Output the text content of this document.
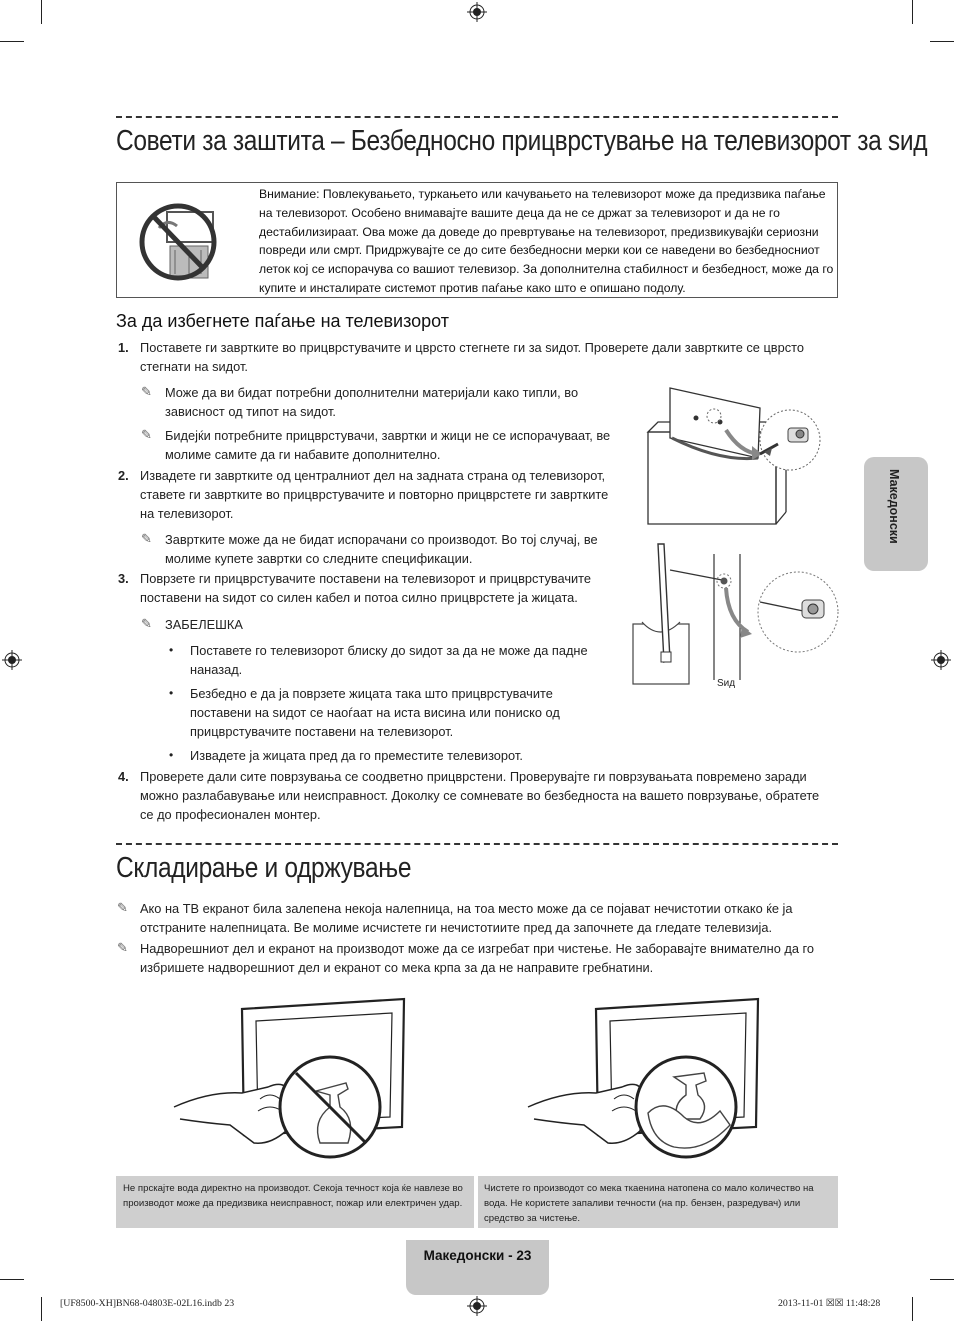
Совети за заштита – Безбедносно прицврстување на телевизорот за ѕид
Внимание: Повлекувањето, туркањето или качувањето на телевизорот може да предизвика паѓање на телевизорот. Особено внимавајте вашите деца да не се држат за телевизорот и да не го дестабилизираат. Ова може да доведе до превртување на телевизорот, предизвикувајќи сериозни повреди или смрт. Придржувајте се до сите безбедносни мерки кои се наведени во безбедносниот леток кој се испорачува со вашиот телевизор. За дополнителна стабилност и безбедност, може да го купите и инсталирате системот против паѓање како што е опишано подолу.
За да избегнете паѓање на телевизорот
1. Поставете ги завртките во прицврстувачите и цврсто стегнете ги за ѕидот. Проверете дали завртките се цврсто стегнати на ѕидот.
✎ Може да ви бидат потребни дополнителни материјали како типли, во зависност од типот на ѕидот.
✎ Бидејќи потребните прицврстувачи, завртки и жици не се испорачуваат, ве молиме самите да ги набавите дополнително.
2. Извадете ги завртките од централниот дел на задната страна од телевизорот, ставете ги завртките во прицврстувачите и повторно прицврстете ги завртките на телевизорот.
✎ Завртките може да не бидат испорачани со производот. Во тој случај, ве молиме купете завртки со следните спецификации.
3. Поврзете ги прицврстувачите поставени на телевизорот и прицврстувачите поставени на ѕидот со силен кабел и потоа силно прицврстете ја жицата.
✎ ЗАБЕЛЕШКА
• Поставете го телевизорот блиску до ѕидот за да не може да падне наназад.
• Безбедно е да ја поврзете жицата така што прицврстувачите поставени на ѕидот се наоѓаат на иста висина или пониско од прицврстувачите поставени на телевизорот.
• Извадете ја жицата пред да го преместите телевизорот.
4. Проверете дали сите поврзувања се соодветно прицврстени. Проверувајте ги поврзувањата повремено заради можно разлабавување или неисправност. Доколку се сомневате во безбедноста на вашето поврзување, обратете се до професионален монтер.
Ѕид
Македонски
Складирање и одржување
✎ Ако на ТВ екранот била залепена некоја налепница, на тоа место може да се појават нечистотии откако ќе ја отстраните налепницата. Ве молиме исчистете ги нечистотиите пред да започнете да гледате телевизија.
✎ Надворешниот дел и екранот на производот може да се изгребат при чистење. Не заборавајте внимателно да го избришете надворешниот дел и екранот со мека крпа за да не направите гребнатини.
Не прскајте вода директно на производот. Секоја течност која ќе навлезе во производот може да предизвика неисправност, пожар или електричен удар.
Чистете го производот со мека ткаенина натопена со мало количество на вода. Не користете запаливи течности (на пр. бензен, разредувач) или средство за чистење.
Македонски - 23
[UF8500-XH]BN68-04803E-02L16.indb 23	2013-11-01 ☒☒ 11:48:28
